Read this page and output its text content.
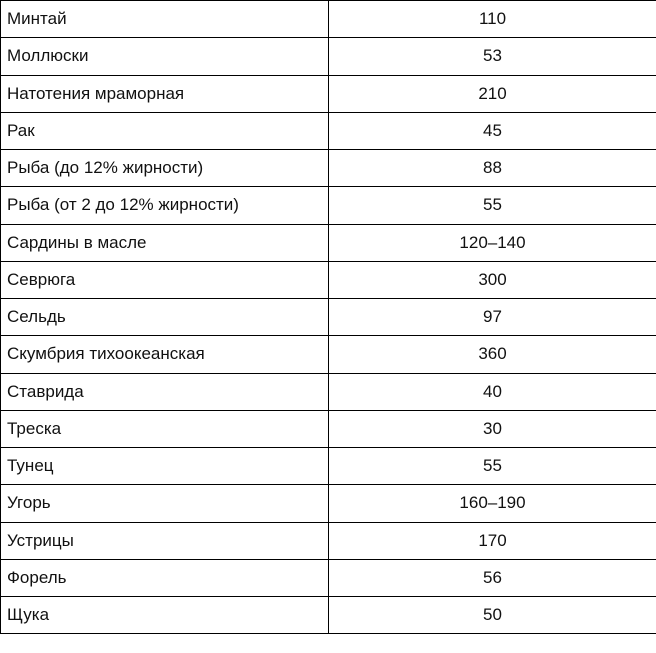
Минтай	110
Моллюски	53
Натотения мраморная	210
Рак	45
Рыба (до 12% жирности)	88
Рыба (от 2 до 12% жирности)	55
Сардины в масле	120–140
Севрюга	300
Сельдь	97
Скумбрия тихоокеанская	360
Ставрида	40
Треска	30
Тунец	55
Угорь	160–190
Устрицы	170
Форель	56
Щука	50
